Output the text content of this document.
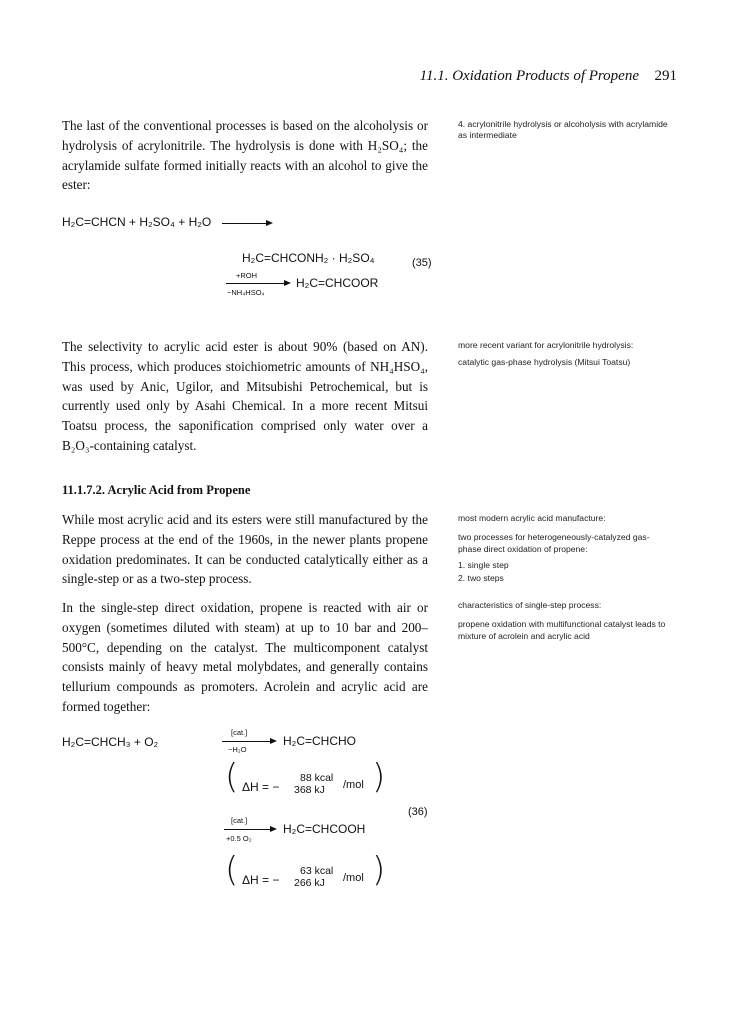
11.1. Oxidation Products of Propene 291

The last of the conventional processes is based on the alcoholysis or hydrolysis of acrylonitrile. The hydrolysis is done with H₂SO₄; the acrylamide sulfate formed initially reacts with an alcohol to give the ester:

4. acrylonitrile hydrolysis or alcoholysis with acrylamide as intermediate

H₂C=CHCN + H₂SO₄ + H₂O
H₂C=CHCONH₂ · H₂SO₄	(35)
+ROH
−NH₄HSO₄
H₂C=CHCOOR

The selectivity to acrylic acid ester is about 90% (based on AN). This process, which produces stoichiometric amounts of NH₄HSO₄, was used by Anic, Ugilor, and Mitsubishi Petrochemical, but is currently used only by Asahi Chemical. In a more recent Mitsui Toatsu process, the saponification comprised only water over a B₂O₃-containing catalyst.

more recent variant for acrylonitrile hydrolysis:

catalytic gas-phase hydrolysis (Mitsui Toatsu)

11.1.7.2. Acrylic Acid from Propene

While most acrylic acid and its esters were still manufactured by the Reppe process at the end of the 1960s, in the newer plants propene oxidation predominates. It can be conducted catalytically either as a single-step or as a two-step process.

most modern acrylic acid manufacture:

two processes for heterogeneously-catalyzed gas-phase direct oxidation of propene:

1. single step

2. two steps

In the single-step direct oxidation, propene is reacted with air or oxygen (sometimes diluted with steam) at up to 10 bar and 200–500°C, depending on the catalyst. The multicomponent catalyst consists mainly of heavy metal molybdates, and generally contains tellurium compounds as promoters. Acrolein and acrylic acid are formed together:

characteristics of single-step process:

propene oxidation with multifunctional catalyst leads to mixture of acrolein and acrylic acid

H₂C=CHCH₃ + O₂
[cat.]
−H₂O
H₂C=CHCHO
( ΔH = −
88 kcal
368 kJ	/mol )
(36)
[cat.]
+0.5 O₂
H₂C=CHCOOH
( ΔH = −
63 kcal
266 kJ	/mol )
